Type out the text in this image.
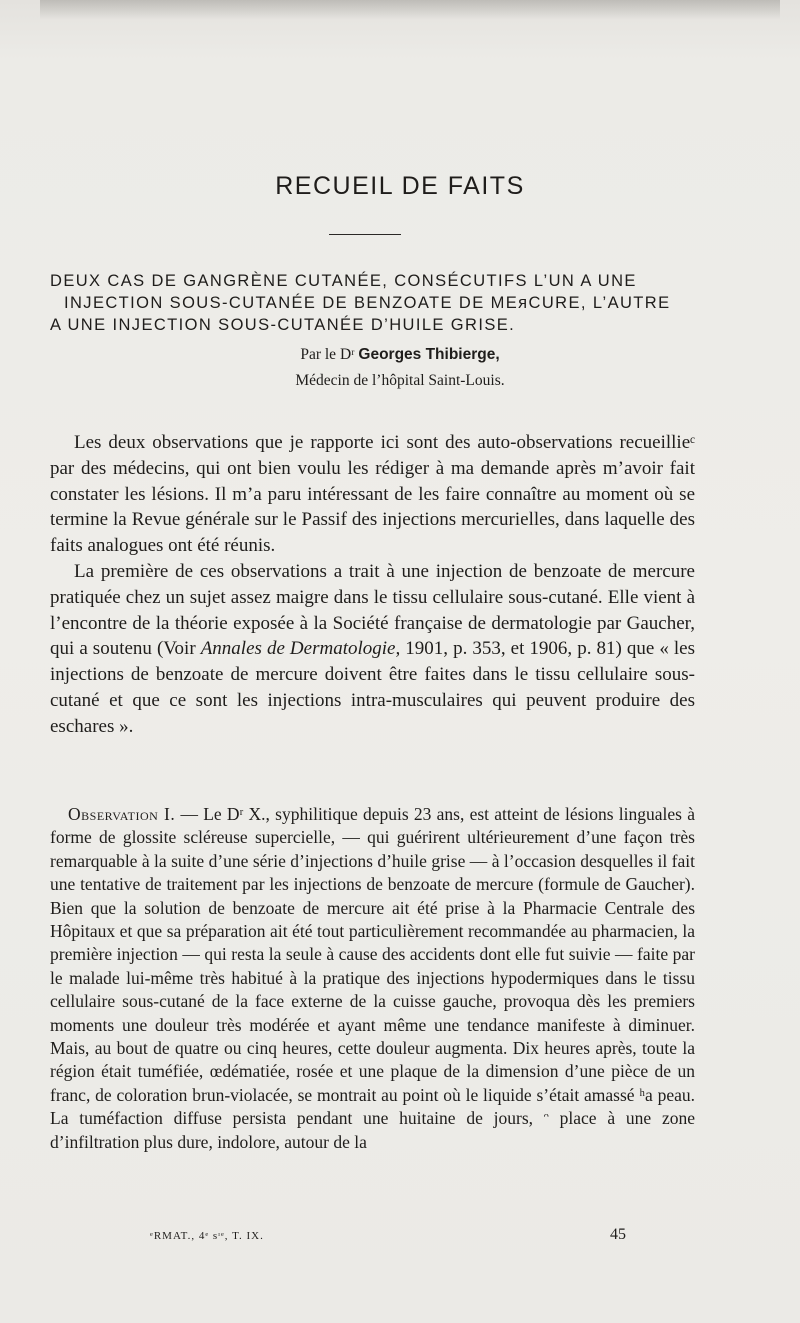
RECUEIL DE FAITS
DEUX CAS DE GANGRÈNE CUTANÉE, CONSÉCUTIFS L’UN A UNE
INJECTION SOUS-CUTANÉE DE BENZOATE DE MEᴙCURE, L’AUTRE
A UNE INJECTION SOUS-CUTANÉE D’HUILE GRISE.
Par le Dʳ Georges Thibierge,
Médecin de l’hôpital Saint-Louis.

Les deux observations que je rapporte ici sont des auto-observations recueillieᶜ par des médecins, qui ont bien voulu les rédiger à ma demande après m’avoir fait constater les lésions. Il m’a paru intéressant de les faire connaître au moment où se termine la Revue générale sur le Passif des injections mercurielles, dans laquelle des faits analogues ont été réunis.

La première de ces observations a trait à une injection de benzoate de mercure pratiquée chez un sujet assez maigre dans le tissu cellulaire sous-cutané. Elle vient à l’encontre de la théorie exposée à la Société française de dermatologie par Gaucher, qui a soutenu (Voir Annales de Dermatologie, 1901, p. 353, et 1906, p. 81) que « les injections de benzoate de mercure doivent être faites dans le tissu cellulaire sous-cutané et que ce sont les injections intra-musculaires qui peuvent produire des eschares ».

Observation I. — Le Dʳ X., syphilitique depuis 23 ans, est atteint de lésions linguales à forme de glossite scléreuse supercielle, — qui guérirent ultérieurement d’une façon très remarquable à la suite d’une série d’injections d’huile grise — à l’occasion desquelles il fait une tentative de traitement par les injections de benzoate de mercure (formule de Gaucher). Bien que la solution de benzoate de mercure ait été prise à la Pharmacie Centrale des Hôpitaux et que sa préparation ait été tout particulièrement recommandée au pharmacien, la première injection — qui resta la seule à cause des accidents dont elle fut suivie — faite par le malade lui-même très habitué à la pratique des injections hypodermiques dans le tissu cellulaire sous-cutané de la face externe de la cuisse gauche, provoqua dès les premiers moments une douleur très modérée et ayant même une tendance manifeste à diminuer. Mais, au bout de quatre ou cinq heures, cette douleur augmenta. Dix heures après, toute la région était tuméfiée, œdématiée, rosée et une plaque de la dimension d’une pièce de un franc, de coloration brun-violacée, se montrait au point où le liquide s’était amassé ʰa peau. La tuméfaction diffuse persista pendant une huitaine de jours, ᵔ place à une zone d’infiltration plus dure, indolore, autour de la

ᵉRMAT., 4ᵉ sᶦᵉ, T. IX.	45
